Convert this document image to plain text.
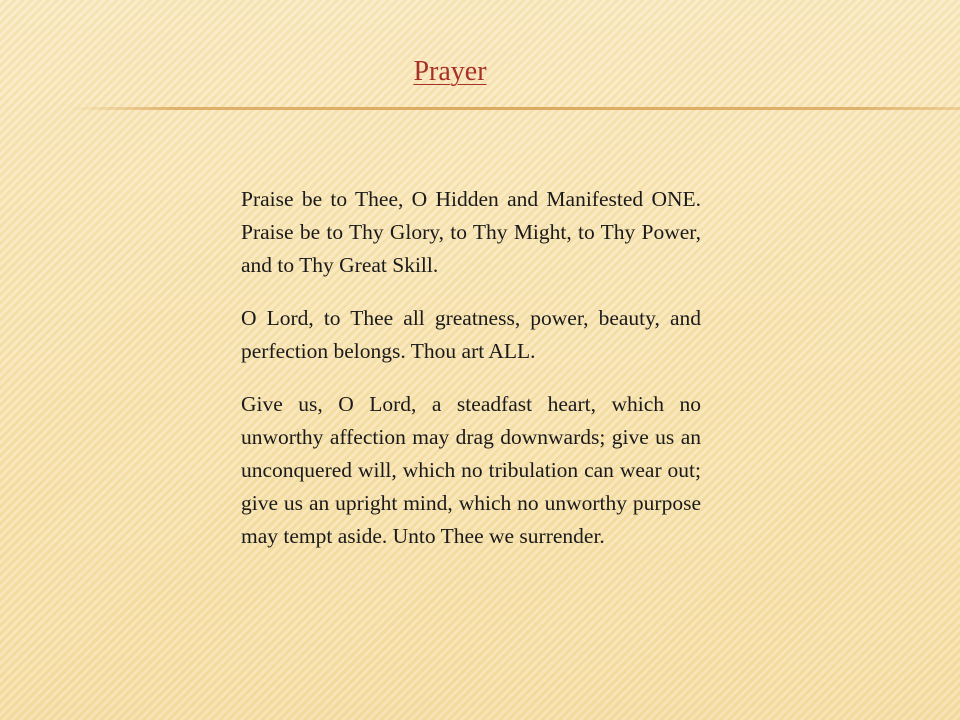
Prayer

Praise be to Thee, O Hidden and Manifested ONE. Praise be to Thy Glory, to Thy Might, to Thy Power, and to Thy Great Skill.

O Lord, to Thee all greatness, power, beauty, and perfection belongs. Thou art ALL.

Give us, O Lord, a steadfast heart, which no unworthy affection may drag downwards; give us an unconquered will, which no tribulation can wear out; give us an upright mind, which no unworthy purpose may tempt aside. Unto Thee we surrender.
